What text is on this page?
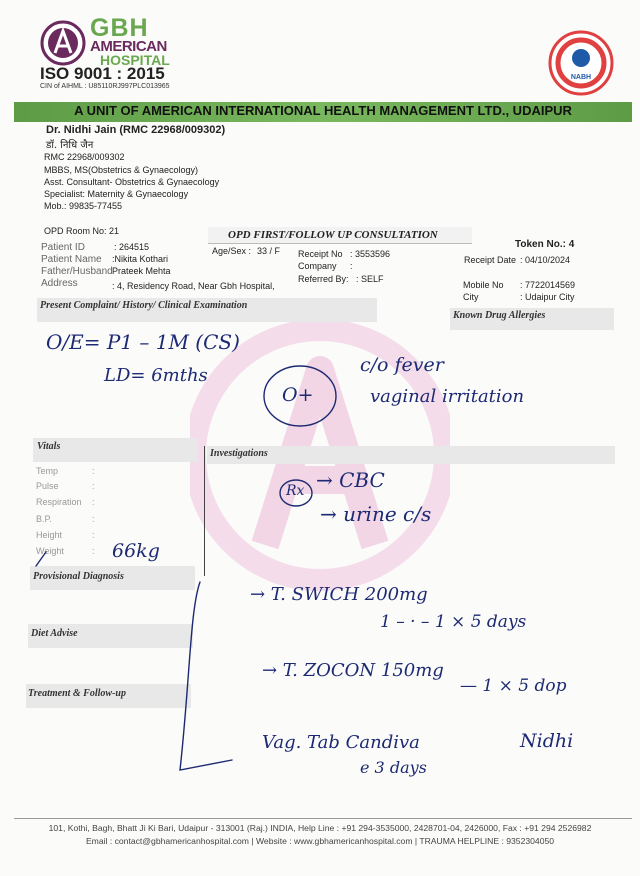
GBH
AMERICAN
HOSPITAL
ISO 9001 : 2015
CIN of AIHML : U85110RJ997PLC013965
NABH
A UNIT OF AMERICAN INTERNATIONAL HEALTH MANAGEMENT LTD., UDAIPUR
Dr. Nidhi Jain (RMC 22968/009302)
डॉ. निधि जैन
RMC 22968/009302
MBBS, MS(Obstetrics & Gynaecology)
Asst. Consultant- Obstetrics & Gynaecology
Specialist: Maternity & Gynaecology
Mob.: 99835-77455
OPD Room No: 21	OPD FIRST/FOLLOW UP CONSULTATION
Token No.: 4
Patient ID	: 264515
Patient Name :Nikita Kothari
Father/Husband Prateek Mehta
Address	: 4, Residency Road, Near Gbh Hospital,
Age/Sex : 33 / F Receipt No : 3553596
Company :
Referred By: : SELF
Receipt Date : 04/10/2024
Mobile No : 7722014569
City	: Udaipur City
Present Complaint/ History/ Clinical Examination
Known Drug Allergies
Vitals
Investigations
Temp	:
Pulse	:
Respiration :
B.P.	:
Height	:
Weight	:
Provisional Diagnosis
Diet Advise
Treatment & Follow-up
O/E= P1 – 1M (CS)
LD= 6mths
O+
c/o fever
vaginal irritation
Rx → CBC
→ urine c/s
66kg
→ T. SWICH 200mg
1 – · – 1 × 5 days
→ T. ZOCON 150mg
— 1 × 5 dop
Vag. Tab Candiva
e 3 days
Nidhi
101, Kothi, Bagh, Bhatt Ji Ki Bari, Udaipur - 313001 (Raj.) INDIA, Help Line : +91 294-3535000, 2428701-04, 2426000, Fax : +91 294 2526982
Email : contact@gbhamericanhospital.com | Website : www.gbhamericanhospital.com | TRAUMA HELPLINE : 9352304050
